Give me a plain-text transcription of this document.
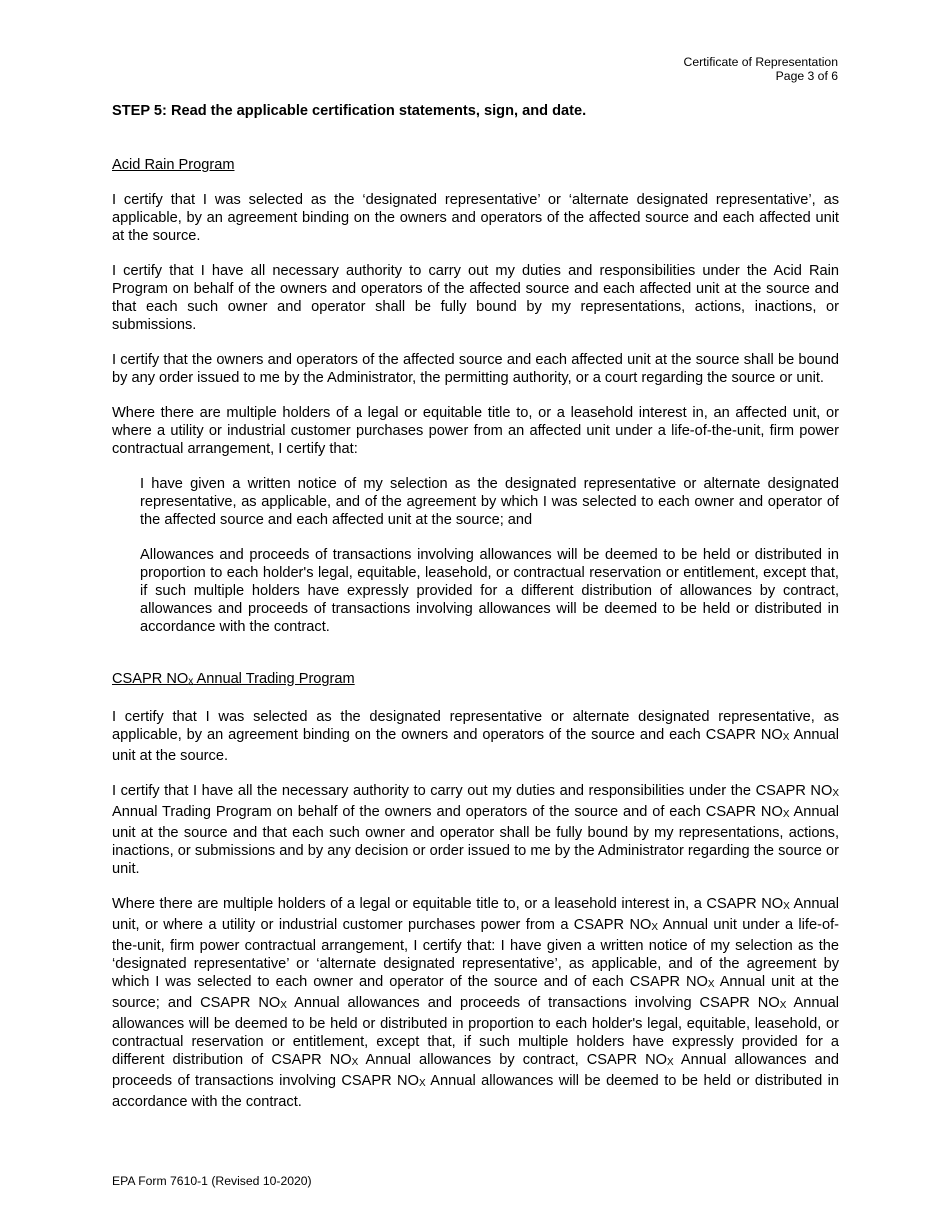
Certificate of Representation
Page 3 of 6

STEP 5: Read the applicable certification statements, sign, and date.

Acid Rain Program

I certify that I was selected as the ‘designated representative’ or ‘alternate designated representative’, as applicable, by an agreement binding on the owners and operators of the affected source and each affected unit at the source.

I certify that I have all necessary authority to carry out my duties and responsibilities under the Acid Rain Program on behalf of the owners and operators of the affected source and each affected unit at the source and that each such owner and operator shall be fully bound by my representations, actions, inactions, or submissions.

I certify that the owners and operators of the affected source and each affected unit at the source shall be bound by any order issued to me by the Administrator, the permitting authority, or a court regarding the source or unit.

Where there are multiple holders of a legal or equitable title to, or a leasehold interest in, an affected unit, or where a utility or industrial customer purchases power from an affected unit under a life-of-the-unit, firm power contractual arrangement, I certify that:

I have given a written notice of my selection as the designated representative or alternate designated representative, as applicable, and of the agreement by which I was selected to each owner and operator of the affected source and each affected unit at the source; and

Allowances and proceeds of transactions involving allowances will be deemed to be held or distributed in proportion to each holder's legal, equitable, leasehold, or contractual reservation or entitlement, except that, if such multiple holders have expressly provided for a different distribution of allowances by contract, allowances and proceeds of transactions involving allowances will be deemed to be held or distributed in accordance with the contract.

CSAPR NOx Annual Trading Program

I certify that I was selected as the designated representative or alternate designated representative, as applicable, by an agreement binding on the owners and operators of the source and each CSAPR NOX Annual unit at the source.

I certify that I have all the necessary authority to carry out my duties and responsibilities under the CSAPR NOX Annual Trading Program on behalf of the owners and operators of the source and of each CSAPR NOX Annual unit at the source and that each such owner and operator shall be fully bound by my representations, actions, inactions, or submissions and by any decision or order issued to me by the Administrator regarding the source or unit.

Where there are multiple holders of a legal or equitable title to, or a leasehold interest in, a CSAPR NOX Annual unit, or where a utility or industrial customer purchases power from a CSAPR NOX Annual unit under a life-of-the-unit, firm power contractual arrangement, I certify that: I have given a written notice of my selection as the ‘designated representative’ or ‘alternate designated representative’, as applicable, and of the agreement by which I was selected to each owner and operator of the source and of each CSAPR NOX Annual unit at the source; and CSAPR NOX Annual allowances and proceeds of transactions involving CSAPR NOX Annual allowances will be deemed to be held or distributed in proportion to each holder's legal, equitable, leasehold, or contractual reservation or entitlement, except that, if such multiple holders have expressly provided for a different distribution of CSAPR NOX Annual allowances by contract, CSAPR NOX Annual allowances and proceeds of transactions involving CSAPR NOX Annual allowances will be deemed to be held or distributed in accordance with the contract.

EPA Form 7610-1 (Revised 10-2020)
